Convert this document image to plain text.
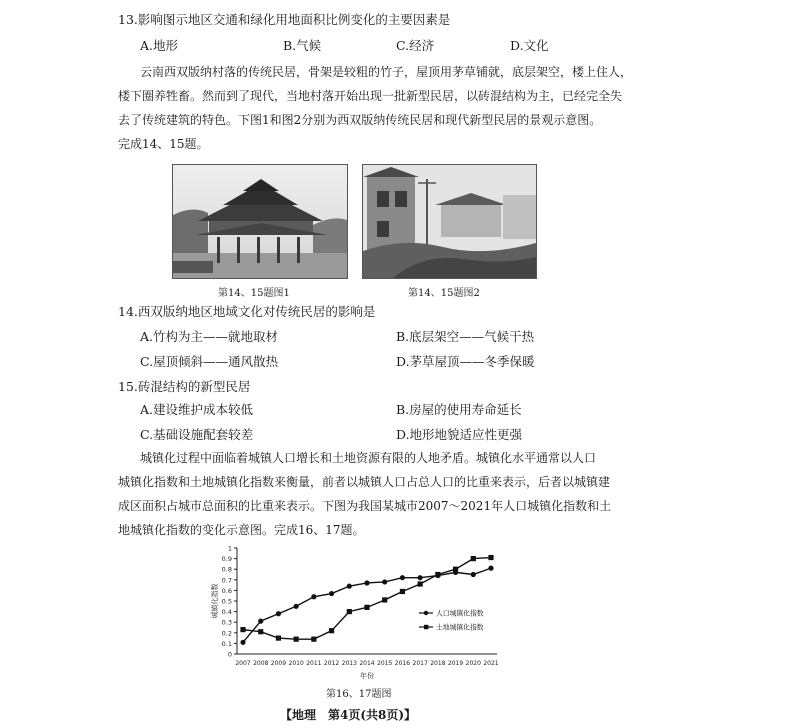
13.影响图示地区交通和绿化用地面积比例变化的主要因素是
A.地形	B.气候	C.经济	D.文化
云南西双版纳村落的传统民居，骨架是较粗的竹子，屋顶用茅草铺就，底层架空，楼上住人，
楼下圈养牲畜。然而到了现代，当地村落开始出现一批新型民居，以砖混结构为主，已经完全失
去了传统建筑的特色。下图1和图2分别为西双版纳传统民居和现代新型民居的景观示意图。
完成14、15题。
第14、15题图1	第14、15题图2
14.西双版纳地区地域文化对传统民居的影响是
A.竹构为主——就地取材	B.底层架空——气候干热
C.屋顶倾斜——通风散热	D.茅草屋顶——冬季保暖
15.砖混结构的新型民居
A.建设维护成本较低	B.房屋的使用寿命延长
C.基础设施配套较差	D.地形地貌适应性更强
城镇化过程中面临着城镇人口增长和土地资源有限的人地矛盾。城镇化水平通常以人口
城镇化指数和土地城镇化指数来衡量，前者以城镇人口占总人口的比重来表示，后者以城镇建
成区面积占城市总面积的比重来表示。下图为我国某城市2007～2021年人口城镇化指数和土
地城镇化指数的变化示意图。完成16、17题。
0
0.1
0.2
0.3
0.4
0.5
0.6
0.7
0.8
0.9
1
2007 2008 2009 2010 2011 2012 2013 2014 2015 2016 2017 2018 2019 2020 2021
年份
城镇化指数	人口城镇化指数
土地城镇化指数
第16、17题图
【地理　第4页(共8页)】
